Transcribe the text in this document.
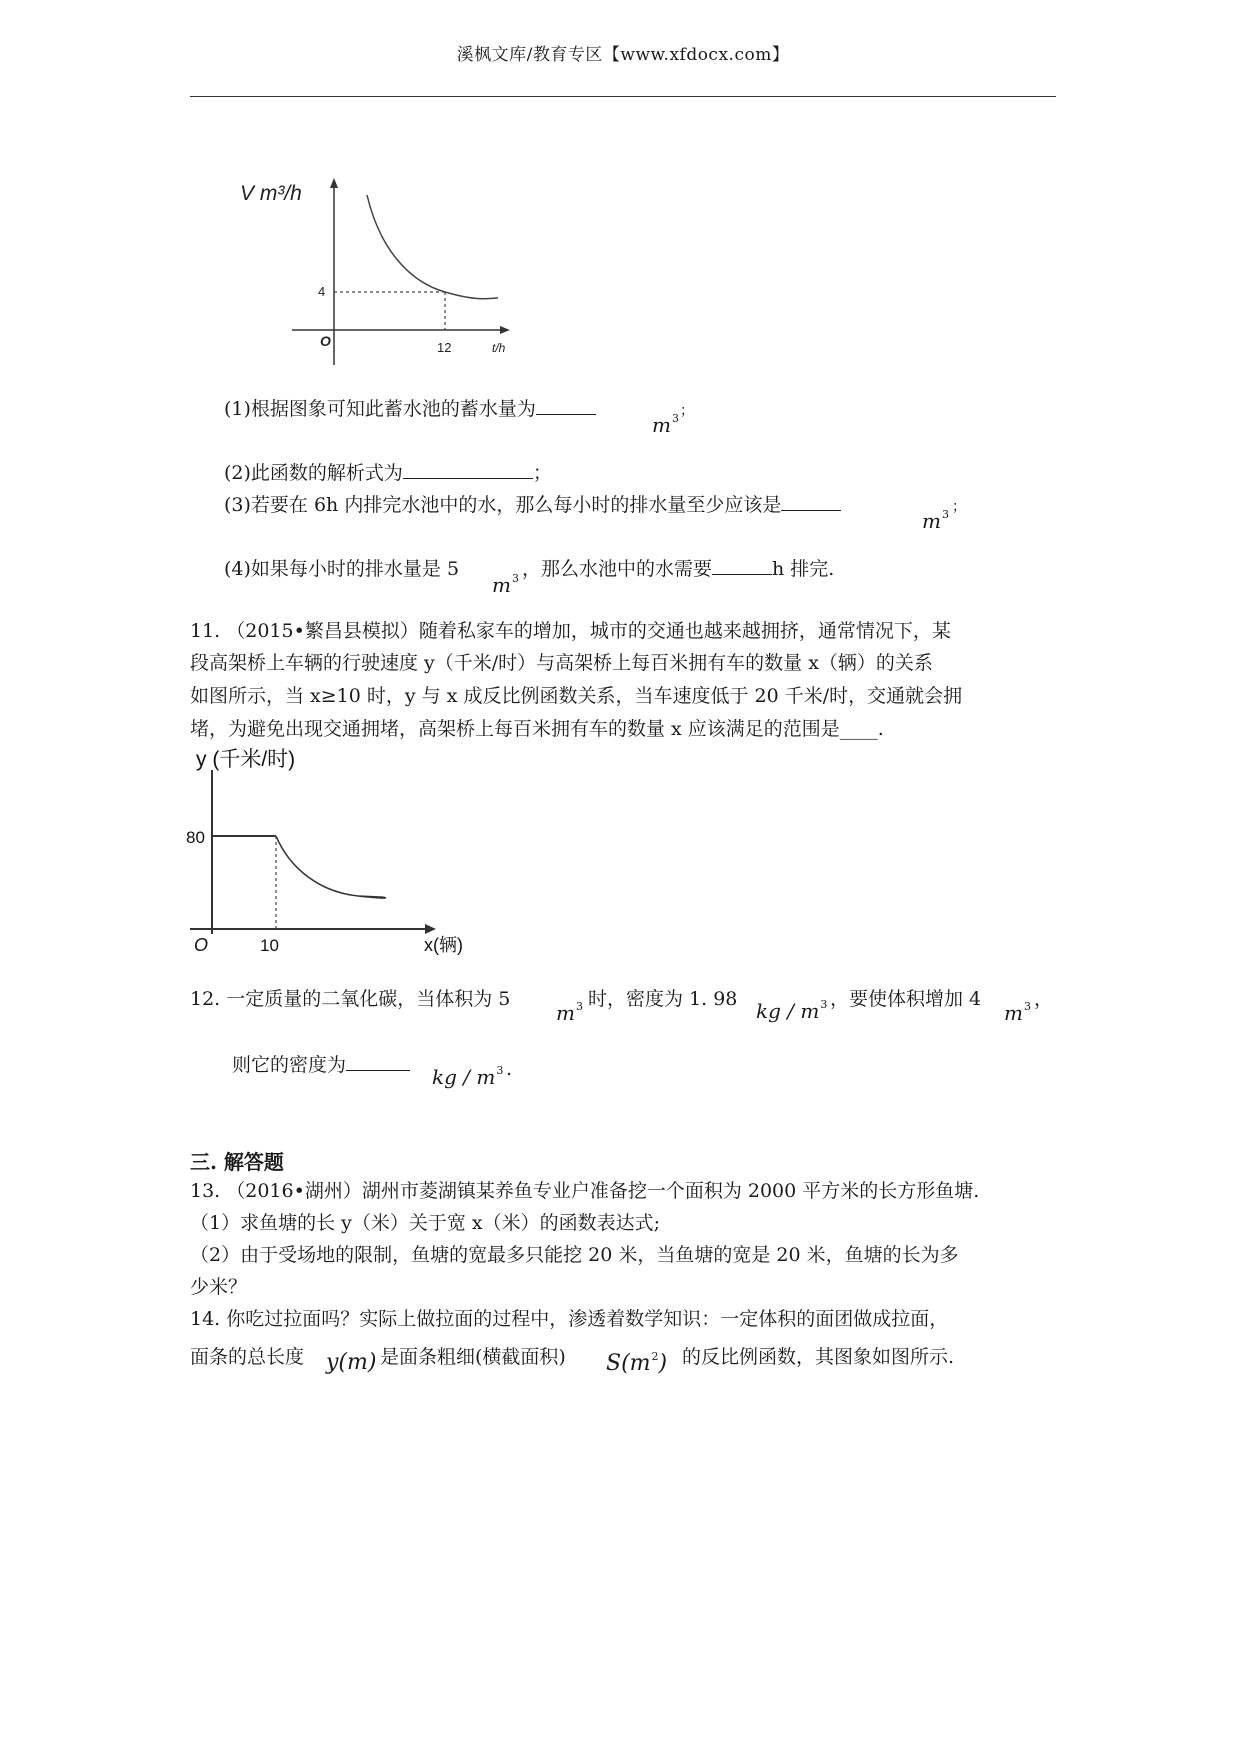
溪枫文库/教育专区【www.xfdocx.com】
V m³/h
4
O	12	t/h
(1)根据图象可知此蓄水池的蓄水量为
$m^3$ ；
(2)此函数的解析式为	；
(3)若要在 6h 内排完水池中的水，那么每小时的排水量至少应该是
$m^3$ ；
(4)如果每小时的排水量是 5
$m^3$ ，那么水池中的水需要	h 排完.
11. （2015•繁昌县模拟）随着私家车的增加，城市的交通也越来越拥挤，通常情况下，某
段高架桥上车辆的行驶速度 y（千米/时）与高架桥上每百米拥有车的数量 x（辆）的关系
如图所示，当 x≥10 时，y 与 x 成反比例函数关系，当车速度低于 20 千米/时，交通就会拥
堵，为避免出现交通拥堵，高架桥上每百米拥有车的数量 x 应该满足的范围是____.
y (千米/时)
80
O	10	x(辆)
12. 一定质量的二氧化碳，当体积为 5
$m^3$ 时，密度为 1. 98 kg / $m^3$ ，要使体积增加 4
$m^3$ ，
则它的密度为	kg / $m^3$ .
三. 解答题
13. （2016•湖州）湖州市菱湖镇某养鱼专业户准备挖一个面积为 2000 平方米的长方形鱼塘.
（1）求鱼塘的长 y（米）关于宽 x（米）的函数表达式;
（2）由于受场地的限制，鱼塘的宽最多只能挖 20 米，当鱼塘的宽是 20 米，鱼塘的长为多
少米？
14. 你吃过拉面吗？实际上做拉面的过程中，渗透着数学知识：一定体积的面团做成拉面，
面条的总长度 y(m) 是面条粗细(横截面积) $S(m^2)$ 的反比例函数，其图象如图所示.
